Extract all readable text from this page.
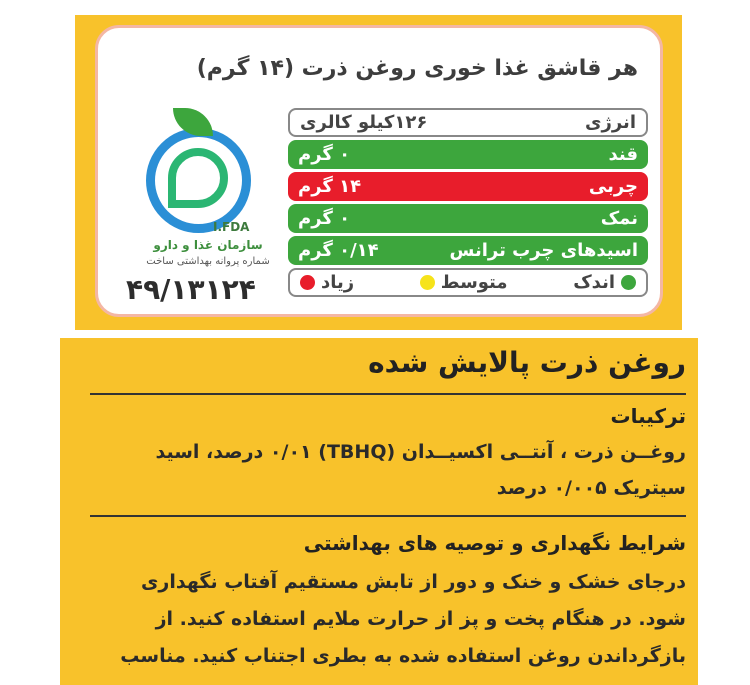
هر قاشق غذا خوری روغن ذرت (۱۴ گرم)
I.FDA
سازمان غذا و دارو
شماره پروانه بهداشتی ساخت
۴۹/۱۳۱۲۴
انرژی
۱۲۶کیلو کالری
قند
۰ گرم
چربی
۱۴ گرم
نمک
۰ گرم
اسیدهای چرب ترانس
۰/۱۴ گرم
اندک
متوسط
زیاد
روغن ذرت پالایش شده
ترکیبات
روغــن ذرت ، آنتــی اکسیــدان (TBHQ) ۰/۰۱ درصد، اسید
سیتریک ۰/۰۰۵ درصد
شرایط نگهداری و توصیه های بهداشتی
درجای خشک و خنک و دور از تابش مستقیم آفتاب نگهداری
شود. در هنگام پخت و پز از حرارت ملایم استفاده کنید. از
بازگرداندن روغن استفاده شده به بطری اجتناب کنید. مناسب
